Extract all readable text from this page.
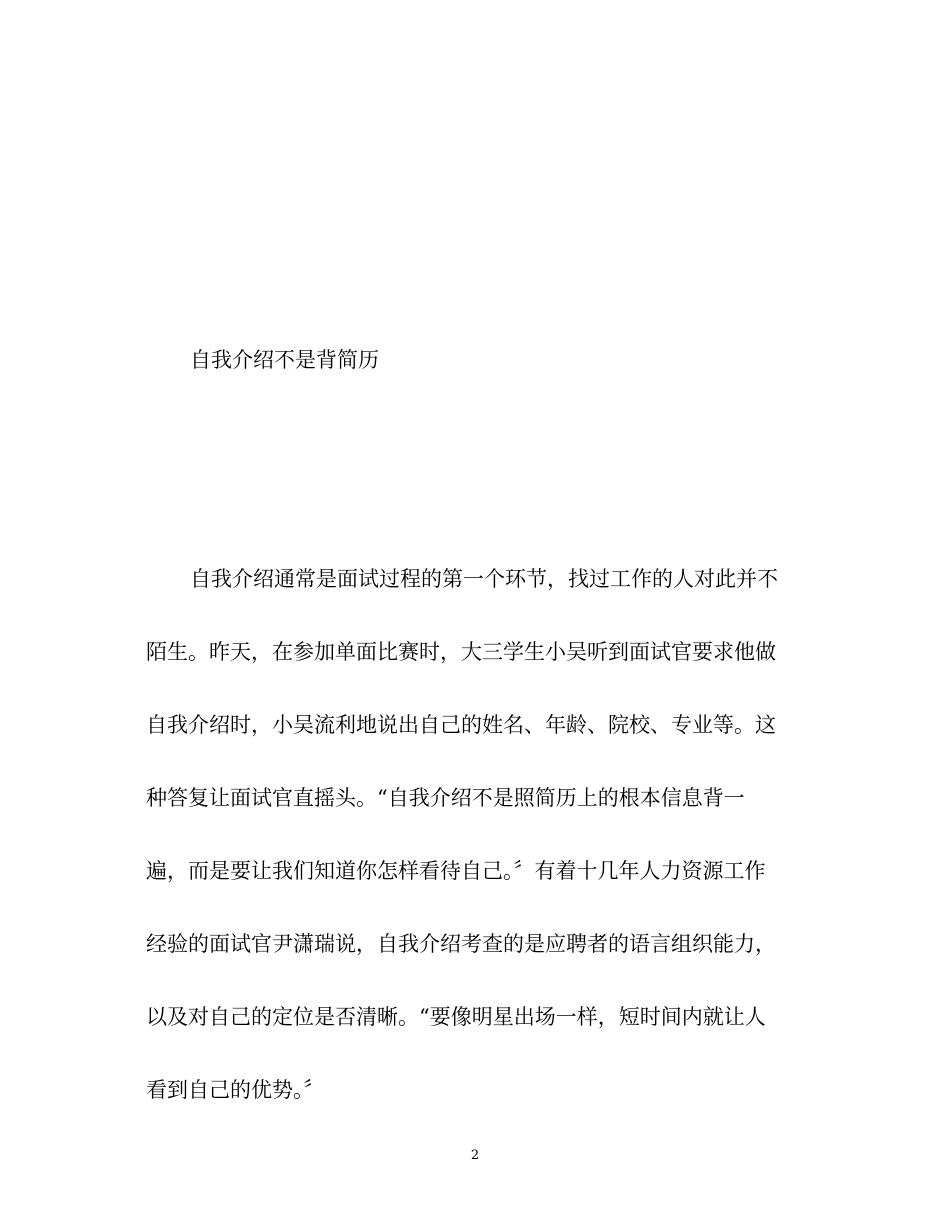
自我介绍不是背简历
自我介绍通常是面试过程的第一个环节，找过工作的人对此并不
陌生。昨天，在参加单面比赛时，大三学生小吴听到面试官要求他做
自我介绍时，小吴流利地说出自己的姓名、年龄、院校、专业等。这
种答复让面试官直摇头。“自我介绍不是照简历上的根本信息背一
遍，而是要让我们知道你怎样看待自己。〞有着十几年人力资源工作
经验的面试官尹潇瑞说，自我介绍考查的是应聘者的语言组织能力，
以及对自己的定位是否清晰。“要像明星出场一样，短时间内就让人
看到自己的优势。〞
2
